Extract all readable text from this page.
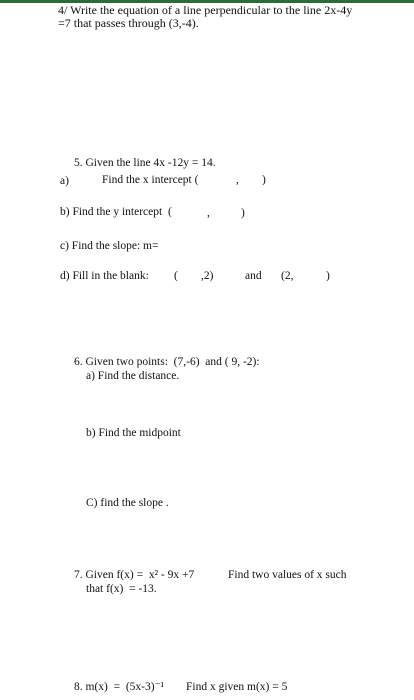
4/ Write the equation of a line perpendicular to the line 2x-4y
=7 that passes through (3,-4).
5. Given the line 4x -12y = 14.
a)	Find the x intercept (	, )
b) Find the y intercept  (	,	)
c) Find the slope: m=
d) Fill in the blank: ( ,2)	and (2,	)
6. Given two points:  (7,-6)  and ( 9, -2):
a) Find the distance.
b) Find the midpoint
C) find the slope .
7. Given f(x) =  x² - 9x +7	Find two values of x such
that f(x)  = -13.
8. m(x)  =  (5x-3)⁻¹ Find x given m(x) = 5
